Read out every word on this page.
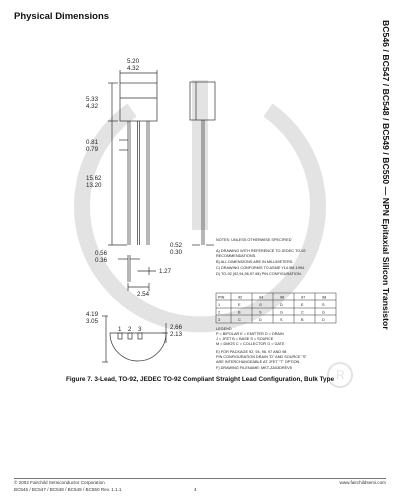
Physical Dimensions
BC546 / BC547 / BC548 / BC549 / BC550 — NPN Epitaxial Silicon Transistor
R
5.20
4.32
5.33
4.32
0.81
0.79
15.62
13.20
0.56
0.36
0.52
0.30
1.27
2.54
4.19
3.05
2.66
2.13
1 2 3
NOTES: UNLESS OTHERWISE SPECIFIED
A) DRAWING WITH REFERENCE TO JEDEC TO-92
RECOMMENDATIONS.
B) ALL DIMENSIONS ARE IN MILLIMETERS.
C) DRAWING CONFORMS TO ASME Y14.5M-1994.
D) TO-92 (92,94,96,97,98) PIN CONFIGURATION.
PIN	92	94	96	97	98
1	E	G	D	E	S
2	B	S	G	C	G
3	C	D	S	B	D
LEGEND
P = BIPOLAR E = EMITTER D = DRAIN
J = JFET B = BASE S = SOURCE
M = DMOS C = COLLECTOR G = GATE
E) FOR PACKAGE 92, 94, 96, 97 AND 98
PIN CONFIGURATION DRAIN "D" AND SOURCE "S"
ARE INTERCHANGEABLE AT JFET "T" OPTION.
F) DRAWING FILENAME: MKT-ZA03DREV5
Figure 7. 3-Lead, TO-92, JEDEC TO-92 Compliant Straight Lead Configuration, Bulk Type
© 2002 Fairchild Semiconductor Corporation
BC546 / BC547 / BC548 / BC549 / BC550 Rev. 1.1.1	4
www.fairchildsemi.com
